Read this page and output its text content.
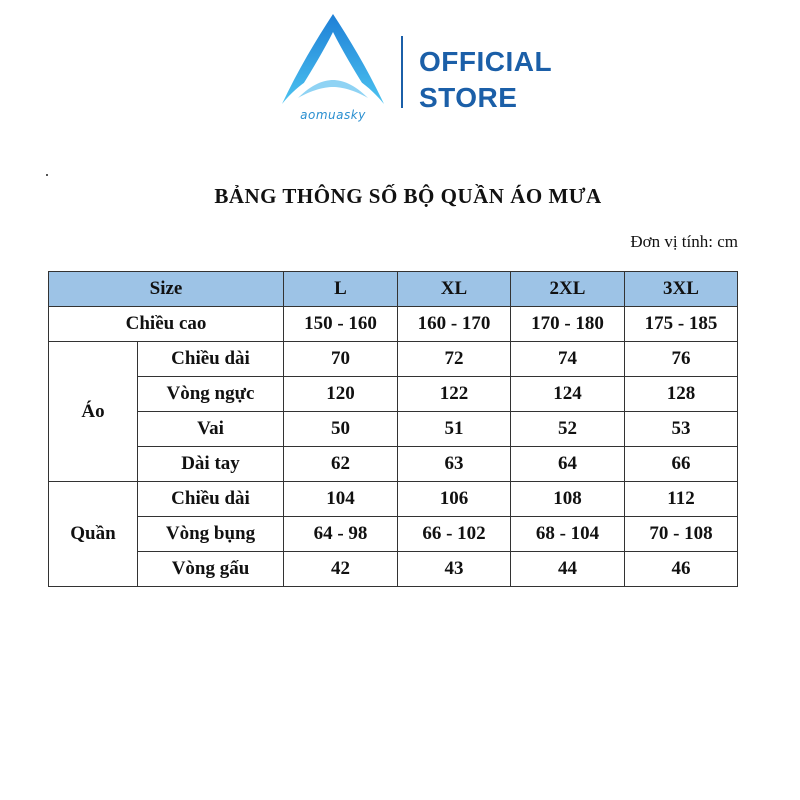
aomuasky
OFFICIAL
STORE
BẢNG THÔNG SỐ BỘ QUẦN ÁO MƯA
Đơn vị tính: cm
Size		L	XL	2XL	3XL
Chiều cao		150 - 160	160 - 170	170 - 180	175 - 185
Áo	Chiều dài	70	72	74	76
	Vòng ngực	120	122	124	128
	Vai	50	51	52	53
	Dài tay	62	63	64	66
Quần	Chiều dài	104	106	108	112
	Vòng bụng	64 - 98	66 - 102	68 - 104	70 - 108
	Vòng gấu	42	43	44	46
